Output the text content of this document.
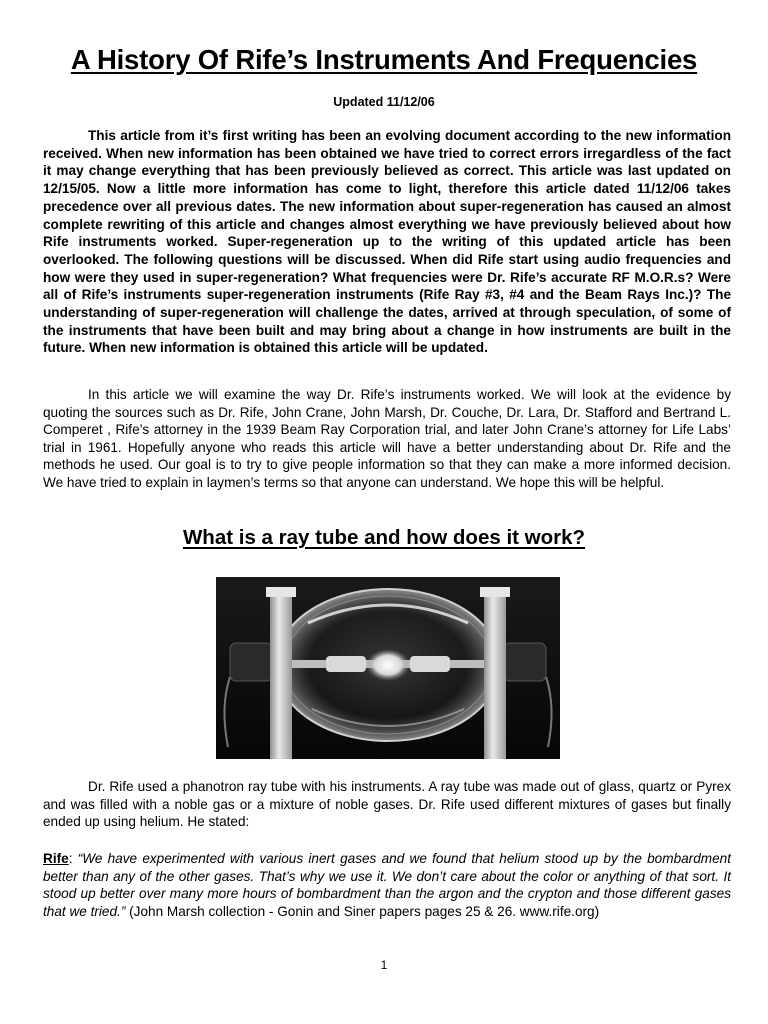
A History Of Rife’s Instruments And Frequencies
Updated 11/12/06

This article from it’s first writing has been an evolving document according to the new information received. When new information has been obtained we have tried to correct errors irregardless of the fact it may change everything that has been previously believed as correct. This article was last updated on 12/15/05. Now a little more information has come to light, therefore this article dated 11/12/06 takes precedence over all previous dates. The new information about super-regeneration has caused an almost complete rewriting of this article and changes almost everything we have previously believed about how Rife instruments worked. Super-regeneration up to the writing of this updated article has been overlooked. The following questions will be discussed. When did Rife start using audio frequencies and how were they used in super-regeneration? What frequencies were Dr. Rife’s accurate RF M.O.R.s? Were all of Rife’s instruments super-regeneration instruments (Rife Ray #3, #4 and the Beam Rays Inc.)? The understanding of super-regeneration will challenge the dates, arrived at through speculation, of some of the instruments that have been built and may bring about a change in how instruments are built in the future. When new information is obtained this article will be updated.

In this article we will examine the way Dr. Rife’s instruments worked. We will look at the evidence by quoting the sources such as Dr. Rife, John Crane, John Marsh, Dr. Couche, Dr. Lara, Dr. Stafford and Bertrand L. Comperet , Rife’s attorney in the 1939 Beam Ray Corporation trial, and later John Crane’s attorney for Life Labs’ trial in 1961. Hopefully anyone who reads this article will have a better understanding about Dr. Rife and the methods he used. Our goal is to try to give people information so that they can make a more informed decision. We have tried to explain in laymen’s terms so that anyone can understand. We hope this will be helpful.

What is a ray tube and how does it work?

Dr. Rife used a phanotron ray tube with his instruments. A ray tube was made out of glass, quartz or Pyrex and was filled with a noble gas or a mixture of noble gases. Dr. Rife used different mixtures of gases but finally ended up using helium. He stated:

Rife: “We have experimented with various inert gases and we found that helium stood up by the bombardment better than any of the other gases. That’s why we use it. We don’t care about the color or anything of that sort. It stood up better over many more hours of bombardment than the argon and the crypton and those different gases that we tried.” (John Marsh collection - Gonin and Siner papers pages 25 & 26. www.rife.org)

1
